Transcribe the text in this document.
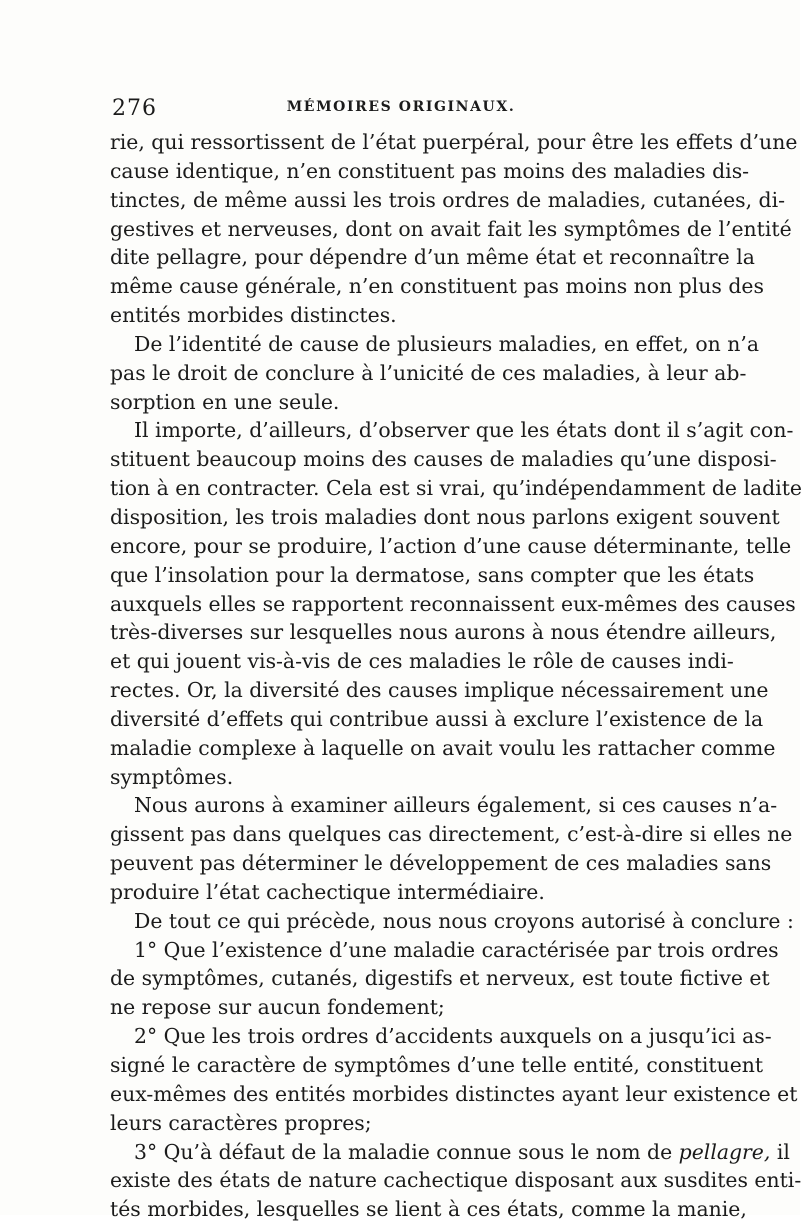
276	MÉMOIRES ORIGINAUX.

rie, qui ressortissent de l’état puerpéral, pour être les effets d’une
cause identique, n’en constituent pas moins des maladies dis-
tinctes, de même aussi les trois ordres de maladies, cutanées, di-
gestives et nerveuses, dont on avait fait les symptômes de l’entité
dite pellagre, pour dépendre d’un même état et reconnaître la
même cause générale, n’en constituent pas moins non plus des
entités morbides distinctes.

De l’identité de cause de plusieurs maladies, en effet, on n’a
pas le droit de conclure à l’unicité de ces maladies, à leur ab-
sorption en une seule.

Il importe, d’ailleurs, d’observer que les états dont il s’agit con-
stituent beaucoup moins des causes de maladies qu’une disposi-
tion à en contracter. Cela est si vrai, qu’indépendamment de ladite
disposition, les trois maladies dont nous parlons exigent souvent
encore, pour se produire, l’action d’une cause déterminante, telle
que l’insolation pour la dermatose, sans compter que les états
auxquels elles se rapportent reconnaissent eux-mêmes des causes
très-diverses sur lesquelles nous aurons à nous étendre ailleurs,
et qui jouent vis-à-vis de ces maladies le rôle de causes indi-
rectes. Or, la diversité des causes implique nécessairement une
diversité d’effets qui contribue aussi à exclure l’existence de la
maladie complexe à laquelle on avait voulu les rattacher comme
symptômes.

Nous aurons à examiner ailleurs également, si ces causes n’a-
gissent pas dans quelques cas directement, c’est-à-dire si elles ne
peuvent pas déterminer le développement de ces maladies sans
produire l’état cachectique intermédiaire.

De tout ce qui précède, nous nous croyons autorisé à conclure :

1° Que l’existence d’une maladie caractérisée par trois ordres
de symptômes, cutanés, digestifs et nerveux, est toute fictive et
ne repose sur aucun fondement;

2° Que les trois ordres d’accidents auxquels on a jusqu’ici as-
signé le caractère de symptômes d’une telle entité, constituent
eux-mêmes des entités morbides distinctes ayant leur existence et
leurs caractères propres;

3° Qu’à défaut de la maladie connue sous le nom de pellagre, il
existe des états de nature cachectique disposant aux susdites enti-
tés morbides, lesquelles se lient à ces états, comme la manie,
